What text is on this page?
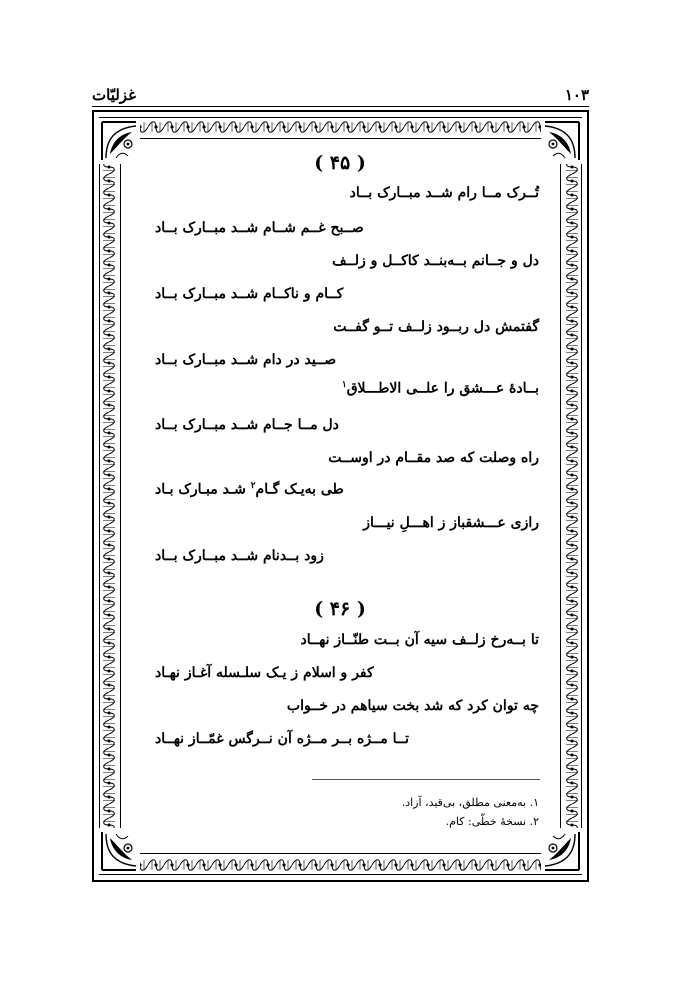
۱۰۳
غزلیّات
( ۴۵ )
تُــرک مــا رام شــد مبــارک بــاد
صــبح غــم شــام شــد مبــارک بــاد
دل و جــانم بــه‌بنــد کاکــل و زلــف
کــام و ناکــام شــد مبــارک بــاد
گفتمش دل ربــود زلــف تــو گفــت
صــید در دام شــد مبــارک بــاد
بــادهٔ عـــشق را علــی الاطـــلاق$^۱$
دل مــا جــام شــد مبــارک بــاد
راه وصلت که صد مقــام در اوســت
طی به‌یـک گـام$^۲$ شـد مبـارک بـاد
رازی عـــشقباز ز اهـــلِ نیـــاز
زود بــدنام شــد مبــارک بــاد
( ۴۶ )
تا بــه‌رخ زلــف سیه آن بــت طنّــاز نهــاد
کفر و اسلام ز یـک سلـسله آغـاز نهـاد
چه توان کرد که شد بخت سیاهم در خــواب
تــا مــژه بــر مــژه آن نــرگس غمّــاز نهــاد
۱. به‌معنی مطلق، بی‌قید، آزاد.
۲. نسخهٔ خطّی: کام.
